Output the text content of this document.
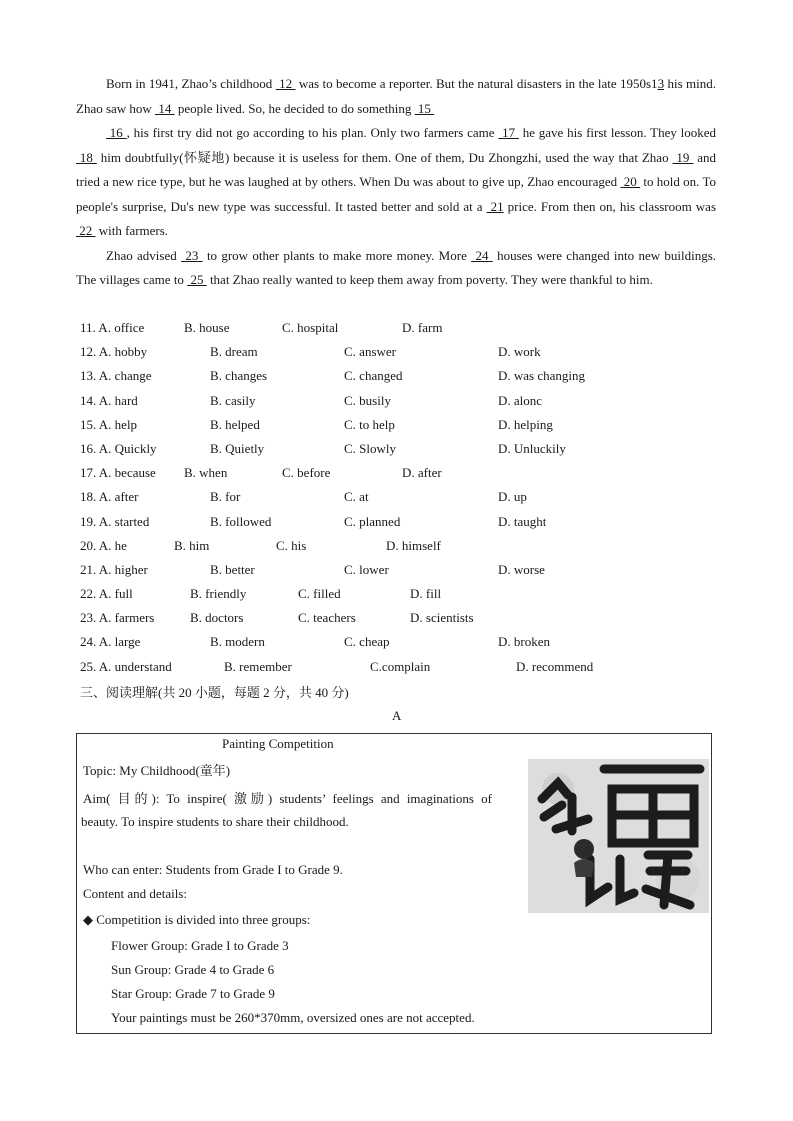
Born in 1941, Zhao’s childhood  12  was to become a reporter. But the natural disasters in the late 1950s13 his mind. Zhao saw how  14  people lived. So, he decided to do something  15

16 , his first try did not go according to his plan. Only two farmers came  17  he gave his first lesson. They looked  18  him doubtfully(怀疑地) because it is useless for them. One of them, Du Zhongzhi, used the way that Zhao  19  and tried a new rice type, but he was laughed at by others. When Du was about to give up, Zhao encouraged  20  to hold on. To people's surprise, Du's new type was successful. It tasted better and sold at a  21 price. From then on, his classroom was  22  with farmers.

Zhao advised  23  to grow other plants to make more money. More  24  houses were changed into new buildings. The villages came to  25  that Zhao really wanted to keep them away from poverty. They were thankful to him.

11. A. office	B. house	C. hospital	D. farm
12. A. hobby	B. dream	C. answer	D. work
13. A. change	B. changes	C. changed	D. was changing
14. A. hard	B. casily	C. busily	D. alonc
15. A. help	B. helped	C. to help	D. helping
16. A. Quickly	B. Quietly	C. Slowly	D. Unluckily
17. A. because B. when	C. before	D. after
18. A. after	B. for	C. at	D. up
19. A. started	B. followed	C. planned	D. taught
20. A. he	B. him	C. his	D. himself
21. A. higher	B. better	C. lower	D. worse
22. A. full	B. friendly	C. filled	D. fill
23. A. farmers	B. doctors	C. teachers	D. scientists
24. A. large	B. modern	C. cheap	D. broken
25. A. understand	B. remember	C.complain	D. recommend
三、阅读理解(共 20 小题，每题 2 分，共 40 分)
A
Painting Competition
Topic: My Childhood(童年)
Aim( 目的): To inspire( 激励) students’ feelings and imaginations of
beauty. To inspire students to share their childhood.
Who can enter: Students from Grade I to Grade 9.
Content and details:
◆ Competition is divided into three groups:
Flower Group: Grade I to Grade 3
Sun Group: Grade 4 to Grade 6
Star Group: Grade 7 to Grade 9
Your paintings must be 260*370mm, oversized ones are not accepted.
